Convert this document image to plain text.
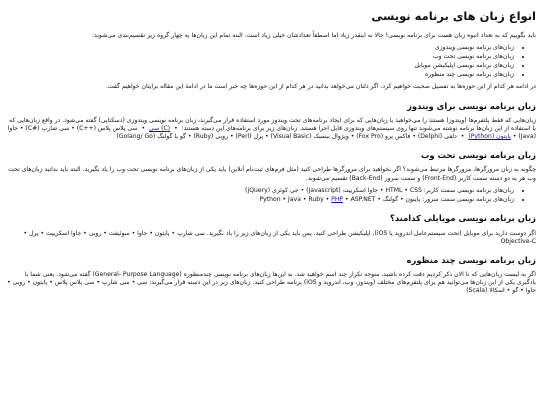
انواع زبان های برنامه نویسی

باید بگوییم که به تعداد انبوه زبان هست برای برنامه نویسی! حالا نه اینقدر زیاد اما اصطفاً تعدادشان خیلی زیاد است. البته تمام این زبان‌ها به چهار گروه زیر تقسیم‌بندی می‌شوند:

• زبان‌های برنامه نویسی ویندوزی
• زبان‌های برنامه نویسی تحت وب
• زبان‌های برنامه نویسی اپلیکیشن موبایل
• زبان‌های برنامه نویسی چند منظوره

در ادامه هر کدام از این حوزه‌ها به تفصیل صحبت خواهیم کرد. اگر دلتان می‌خواهد بدانید در هر کدام از این حوزه‌ها چه خبر است ما در ادامهٔ این مقاله برایتان خواهیم گفت.

زبان برنامه نویسی برای ویندوز

زبان‌هایی که فقط پلتفرم‌ها (ویندوز) هستند را می‌خواهید یا زبان‌هایی که برای ایجاد برنامه‌های تحت ویندوز مورد استفاده قرار می‌گیرند، زبان برنامه نویسی ویندوزی (دسکتاپی) گفته می‌شود. در واقع زبان‌هایی که با استفاده از این زبان‌ها برنامه نوشته می‌شوند تنها روی سیستم‌های ویندوزی قابل اجرا هستند. زبان‌های زیر برای برنامه‌های این دسته هستند: • (C) سی • سی پلاس پلاس (++C) • سی شارپ (#C) • جاوا (Java) • پایتون (Python) • دلفی (Delphi) • فاکس پرو (Fox Pro) • ویژوال بیسیک (Visual Basic) • پرل (Perl) • روبی (Ruby) • گو یا گولنگ (Golang/ Go)

زبان برنامه نویسی تحت وب

چگونه به زبان مرورگرها، مرورگرها مرتبط می‌شوند؟ اگر بخواهید برای مرورگرها طراحی کنید (مثل فرم‌های ثبت‌نام آنلاین) باید یکی از زبان‌های برنامه نویسی تحت وب را یاد بگیرید. البته باید بدانید زبان‌های تحت وب هر یه دو دسته سمت کاربر (Front-End) و سمت سرور (Back-End) تقسیم می‌شوند.

• زبان‌های برنامه نویسی سمت کاربر: HTML • CSS • جاوا اسکریپت (Javascript) • جی کوئری (jQuery)
• زبان‌های برنامه نویسی سمت سرور: پایتون • گولنگ • Python • Java • Ruby • PHP • ASP.NET
زبان برنامه نویسی موبایلی کدامند؟

اگر دوست دارید برای موبایل (تحت سیستم‌عامل اندروید یا iOS)، اپلیکیشن طراحی کنید، پس باید یکی از زبان‌های زیر را یاد بگیرید. سی شارپ • پایتون • جاوا • سوئیفت • روبی • جاوا اسکریپت • پرل • Objective-C

زبان برنامه نویسی چند منظوره

اگر به لیست زبان‌هایی که تا الان ذکر کردیم دقت کرده باشید، متوجه تکرار چند اسم خواهید شد. به این‌ها زبان‌های برنامه نویسی چندمنظوره (General- Purpose Language) گفته می‌شود. یعنی شما با یادگیری یکی از این زبان‌ها می‌توانید هم برای پلتفرم‌های مختلف (ویندوز، وب، اندروید و iOS) برنامه طراحی کنید. زبان‌های زیر در این دسته قرار می‌گیرند: سی • سی شارپ • سی پلاس پلاس • پایتون • روبی • جاوا • گو • اسکالا (Scala)
